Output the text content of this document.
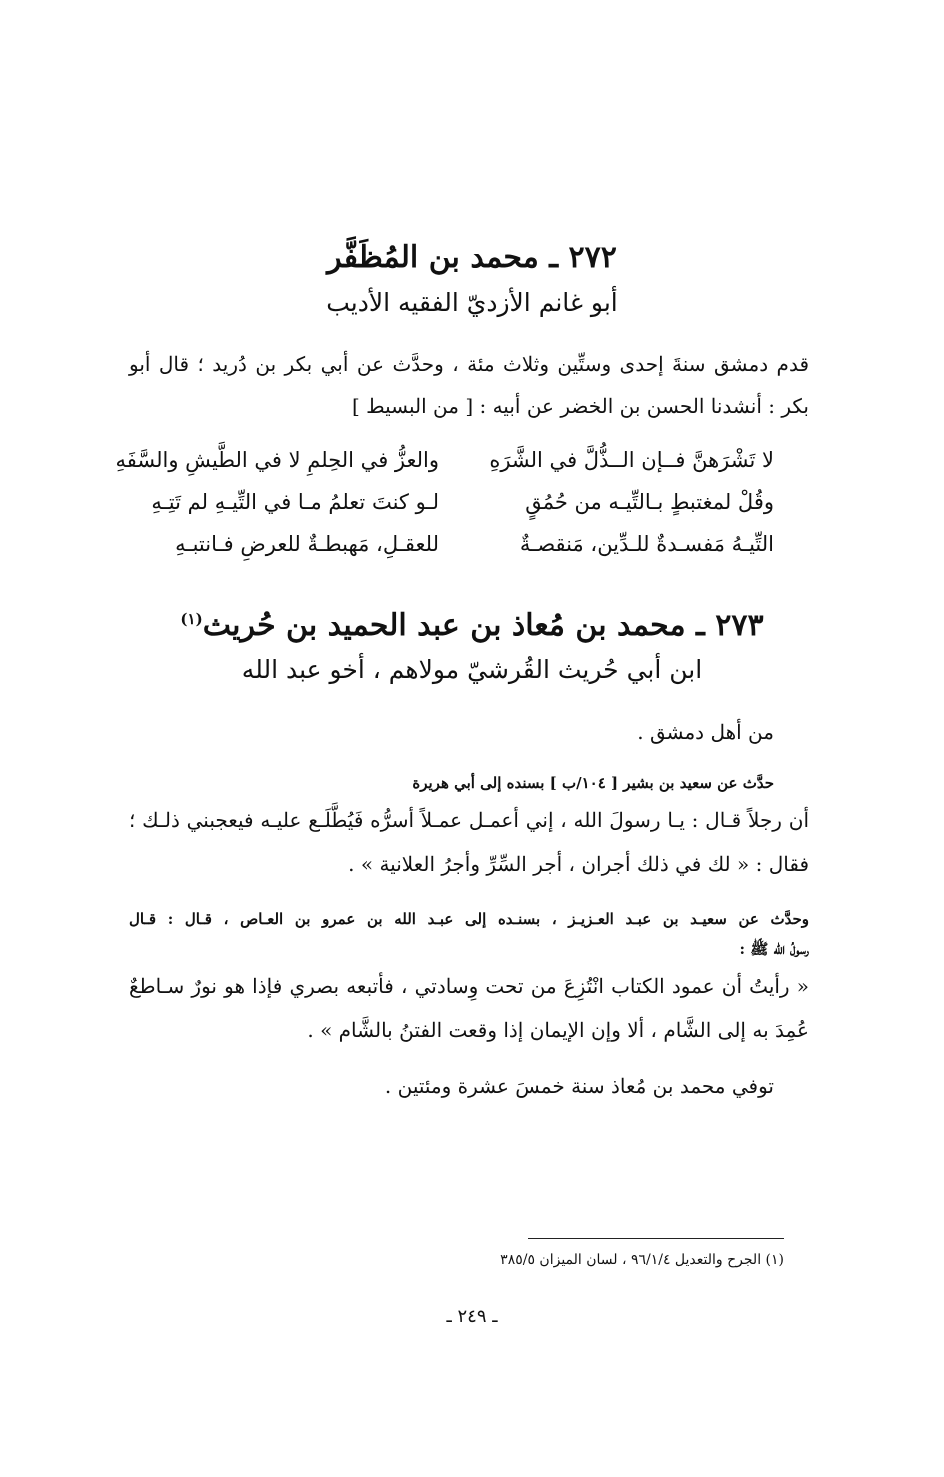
٢٧٢ ـ محمد بن المُظَفَّر
أبو غانم الأزديّ الفقيه الأديب
قدم دمشق سنةَ إحدى وستِّين وثلاث مئة ، وحدَّث عن أبي بكر بن دُريد ؛ قال أبو
بكر : أنشدنا الحسن بن الخضر عن أبيه : [ من البسيط ]
لا تَشْرَهنَّ فــإن الــذُّلَّ في الشَّرَهِ
والعزُّ في الحِلمِ لا في الطَّيشِ والسَّفَهِ
وقُلْ لمغتبطٍ بـالتِّيـه من حُمُقٍ
لـو كنتَ تعلمُ مـا في التِّيـهِ لم تَتِـهِ
التِّيـهُ مَفسـدةٌ للـدِّين، مَنقصـةٌ
للعقـلِ، مَهبطـةٌ للعرضِ فـانتبـهِ
٢٧٣ ـ محمد بن مُعاذ بن عبد الحميد بن حُريث$^{(١)}$
ابن أبي حُريث القُرشيّ مولاهم ، أخو عبد الله
من أهل دمشق .
حدَّث عن سعيد بن بشير [ ١٠٤/ب ] بسنده إلى أبي هريرة
أن رجلاً قـال : يـا رسولَ الله ، إني أعمـل عمـلاً أسرُّه فَيُطَّلَـع عليـه فيعجبني ذلـك ؛
فقال : « لك في ذلك أجران ، أجر السِّرِّ وأجرُ العلانية » .
وحدَّث عن سعيـد بن عبـد العـزيـز ، بسنـده إلى عبـد الله بن عمرو بن العـاص ، قـال : قـال
رسولُ الله ﷺ :
« رأيتُ أن عمود الكتاب انْتُزِعَ من تحت وِسادتي ، فأتبعه بصري فإذا هو نورٌ سـاطعٌ
عُمِدَ به إلى الشَّام ، ألا وإن الإيمان إذا وقعت الفتنُ بالشَّام » .
توفي محمد بن مُعاذ سنة خمسَ عشرة ومئتين .
(١) الجرح والتعديل ٩٦/١/٤ ، لسان الميزان ٣٨٥/٥
ـ ٢٤٩ ـ
